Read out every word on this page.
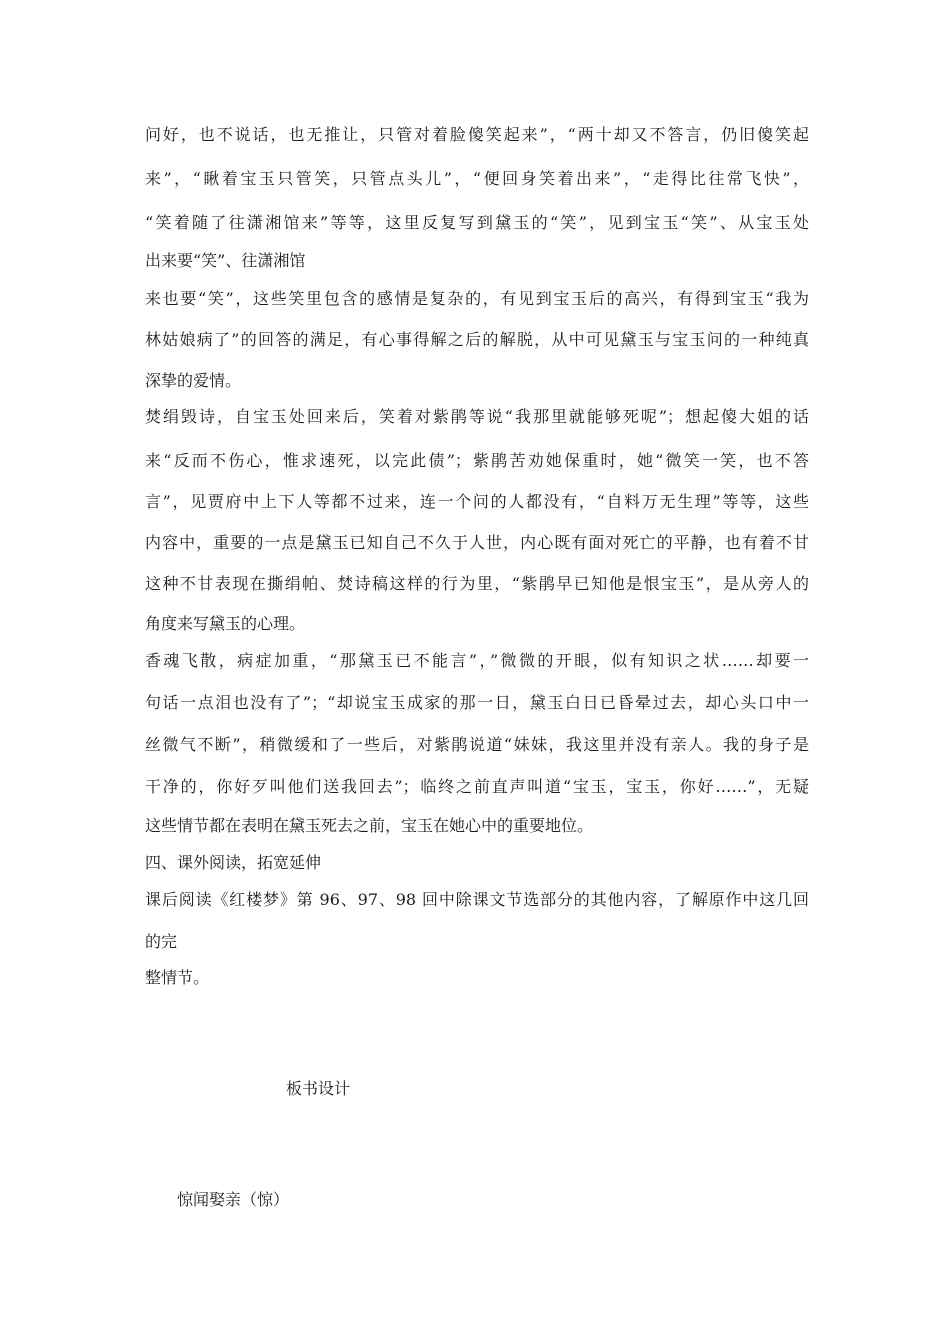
问好，也不说话，也无推让，只管对着脸傻笑起来”，“两十却又不答言，仍旧傻笑起
来”，“瞅着宝玉只管笑，只管点头儿”，“便回身笑着出来”，“走得比往常飞快”，
“笑着随了往潇湘馆来”等等，这里反复写到黛玉的“笑”，见到宝玉“笑”、从宝玉处
出来要“笑”、往潇湘馆
来也要“笑”，这些笑里包含的感情是复杂的，有见到宝玉后的高兴，有得到宝玉“我为
林姑娘病了”的回答的满足，有心事得解之后的解脱，从中可见黛玉与宝玉问的一种纯真
深挚的爱情。
焚绢毁诗，自宝玉处回来后，笑着对紫鹃等说“我那里就能够死呢”；想起傻大姐的话
来“反而不伤心，惟求速死，以完此债”；紫鹃苦劝她保重时，她“微笑一笑，也不答
言”，见贾府中上下人等都不过来，连一个问的人都没有，“自料万无生理”等等，这些
内容中，重要的一点是黛玉已知自己不久于人世，内心既有面对死亡的平静，也有着不甘
这种不甘表现在撕绢帕、焚诗稿这样的行为里，“紫鹃早已知他是恨宝玉”，是从旁人的
角度来写黛玉的心理。
香魂飞散，病症加重，“那黛玉已不能言”，”微微的开眼，似有知识之状……却要一
句话一点泪也没有了”；“却说宝玉成家的那一日，黛玉白日已昏晕过去，却心头口中一
丝微气不断”，稍微缓和了一些后，对紫鹃说道“妹妹，我这里并没有亲人。我的身子是
干净的，你好歹叫他们送我回去”；临终之前直声叫道“宝玉，宝玉，你好……”，无疑
这些情节都在表明在黛玉死去之前，宝玉在她心中的重要地位。
四、课外阅读，拓宽延伸
课后阅读《红楼梦》第 96、97、98 回中除课文节选部分的其他内容，了解原作中这几回
的完
整情节。
板书设计
惊闻娶亲（惊）
